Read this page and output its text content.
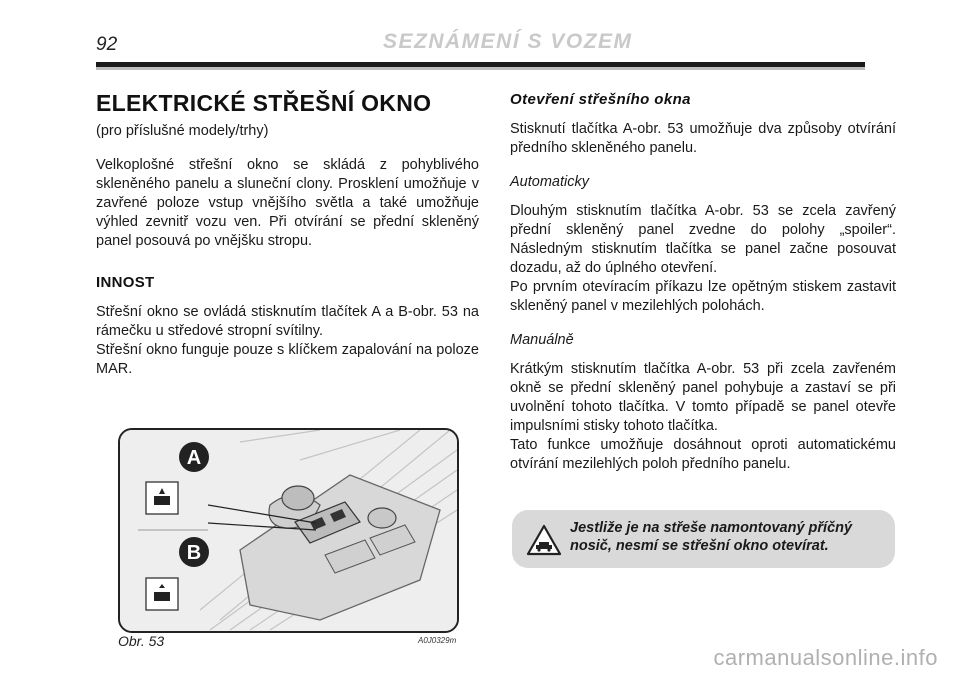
92	SEZNÁMENÍ S VOZEM
ELEKTRICKÉ STŘEŠNÍ OKNO

(pro příslušné modely/trhy)

Velkoplošné střešní okno se skládá z pohyblivého skleněného panelu a sluneční clony. Prosklení umožňuje v zavřené poloze vstup vnějšího světla a také umožňuje výhled zevnitř vozu ven. Při otvírání se přední skleněný panel posouvá po vnějšku stropu.

INNOST

Střešní okno se ovládá stisknutím tlačítek A a B-obr. 53 na rámečku u středové stropní svítilny.

Střešní okno funguje pouze s klíčkem zapalování na poloze MAR.

Otevření střešního okna

Stisknutí tlačítka A-obr. 53 umožňuje dva způsoby otvírání předního skleněného panelu.

Automaticky

Dlouhým stisknutím tlačítka A-obr. 53 se zcela zavřený přední skleněný panel zvedne do polohy „spoiler“. Následným stisknutím tlačítka se panel začne posouvat dozadu, až do úplného otevření.

Po prvním otevíracím příkazu lze opětným stiskem zastavit skleněný panel v mezilehlých polohách.

Manuálně

Krátkým stisknutím tlačítka A-obr. 53 při zcela zavřeném okně se přední skleněný panel pohybuje a zastaví se při uvolnění tohoto tlačítka. V tomto případě se panel otevře impulsními stisky tohoto tlačítka.

Tato funkce umožňuje dosáhnout oproti automatickému otvírání mezilehlých poloh předního panelu.

A
B
Obr. 53	A0J0329m
Jestliže je na střeše namontovaný příčný nosič, nesmí se střešní okno otevírat.
carmanualsonline.info
